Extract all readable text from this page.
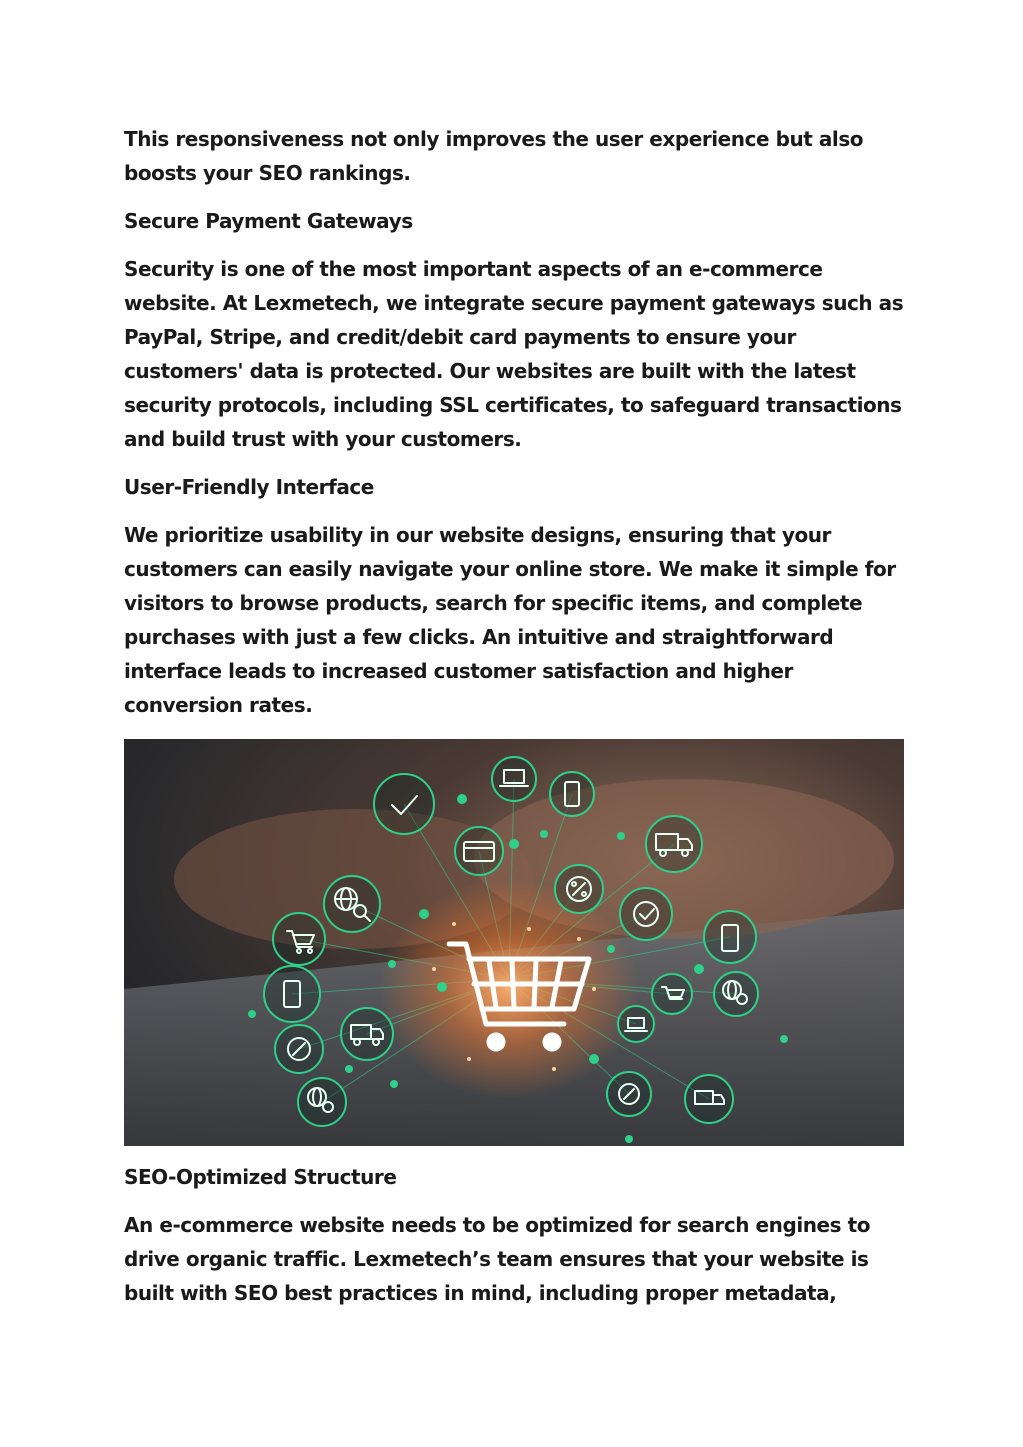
This responsiveness not only improves the user experience but also boosts your SEO rankings.

Secure Payment Gateways

Security is one of the most important aspects of an e-commerce website. At Lexmetech, we integrate secure payment gateways such as PayPal, Stripe, and credit/debit card payments to ensure your customers' data is protected. Our websites are built with the latest security protocols, including SSL certificates, to safeguard transactions and build trust with your customers.

User-Friendly Interface

We prioritize usability in our website designs, ensuring that your customers can easily navigate your online store. We make it simple for visitors to browse products, search for specific items, and complete purchases with just a few clicks. An intuitive and straightforward interface leads to increased customer satisfaction and higher conversion rates.

SEO-Optimized Structure

An e-commerce website needs to be optimized for search engines to drive organic traffic. Lexmetech’s team ensures that your website is built with SEO best practices in mind, including proper metadata,
